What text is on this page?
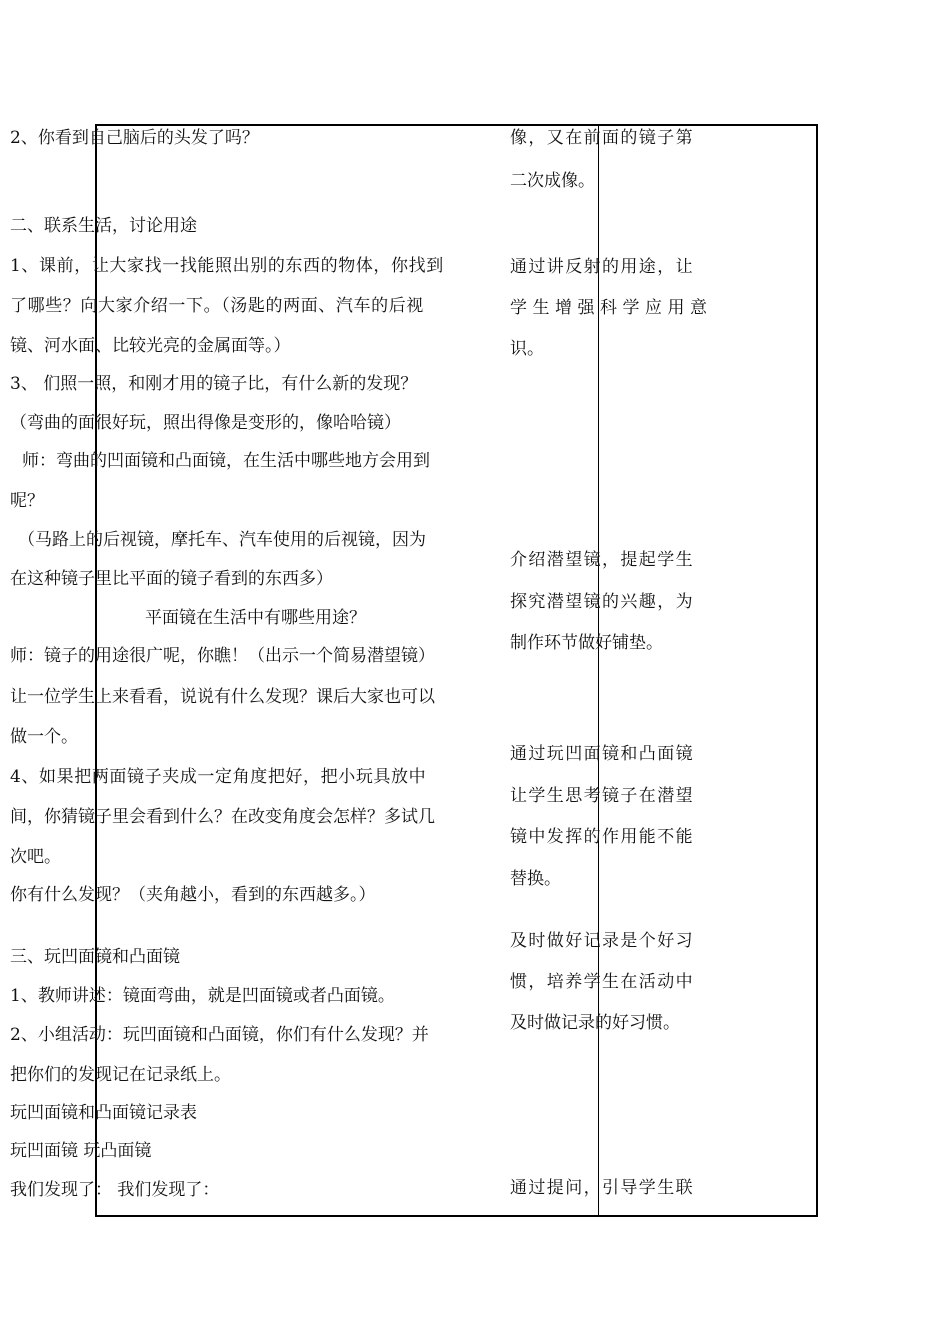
2、你看到自己脑后的头发了吗？
二、联系生活，讨论用途
1、课前，让大家找一找能照出别的东西的物体，你找到
了哪些？向大家介绍一下。（汤匙的两面、汽车的后视
镜、河水面、比较光亮的金属面等。）
3、 们照一照，和刚才用的镜子比，有什么新的发现？
（弯曲的面很好玩，照出得像是变形的，像哈哈镜）
师：弯曲的凹面镜和凸面镜，在生活中哪些地方会用到
呢？
（马路上的后视镜，摩托车、汽车使用的后视镜，因为
在这种镜子里比平面的镜子看到的东西多）
平面镜在生活中有哪些用途？
师：镜子的用途很广呢，你瞧！（出示一个简易潜望镜）
让一位学生上来看看，说说有什么发现？课后大家也可以
做一个。
4、如果把两面镜子夹成一定角度把好，把小玩具放中
间，你猜镜子里会看到什么？在改变角度会怎样？多试几
次吧。
你有什么发现？（夹角越小，看到的东西越多。）
三、玩凹面镜和凸面镜
1、教师讲述：镜面弯曲，就是凹面镜或者凸面镜。
2、小组活动：玩凹面镜和凸面镜，你们有什么发现？并
把你们的发现记在记录纸上。
玩凹面镜和凸面镜记录表
玩凹面镜 玩凸面镜
我们发现了： 我们发现了：
像，又在前面的镜子第
二次成像。
通过讲反射的用途，让
学生增强科学应用意
识。
介绍潜望镜，提起学生
探究潜望镜的兴趣，为
制作环节做好铺垫。
通过玩凹面镜和凸面镜
让学生思考镜子在潜望
镜中发挥的作用能不能
替换。
及时做好记录是个好习
惯，培养学生在活动中
及时做记录的好习惯。
通过提问，引导学生联
